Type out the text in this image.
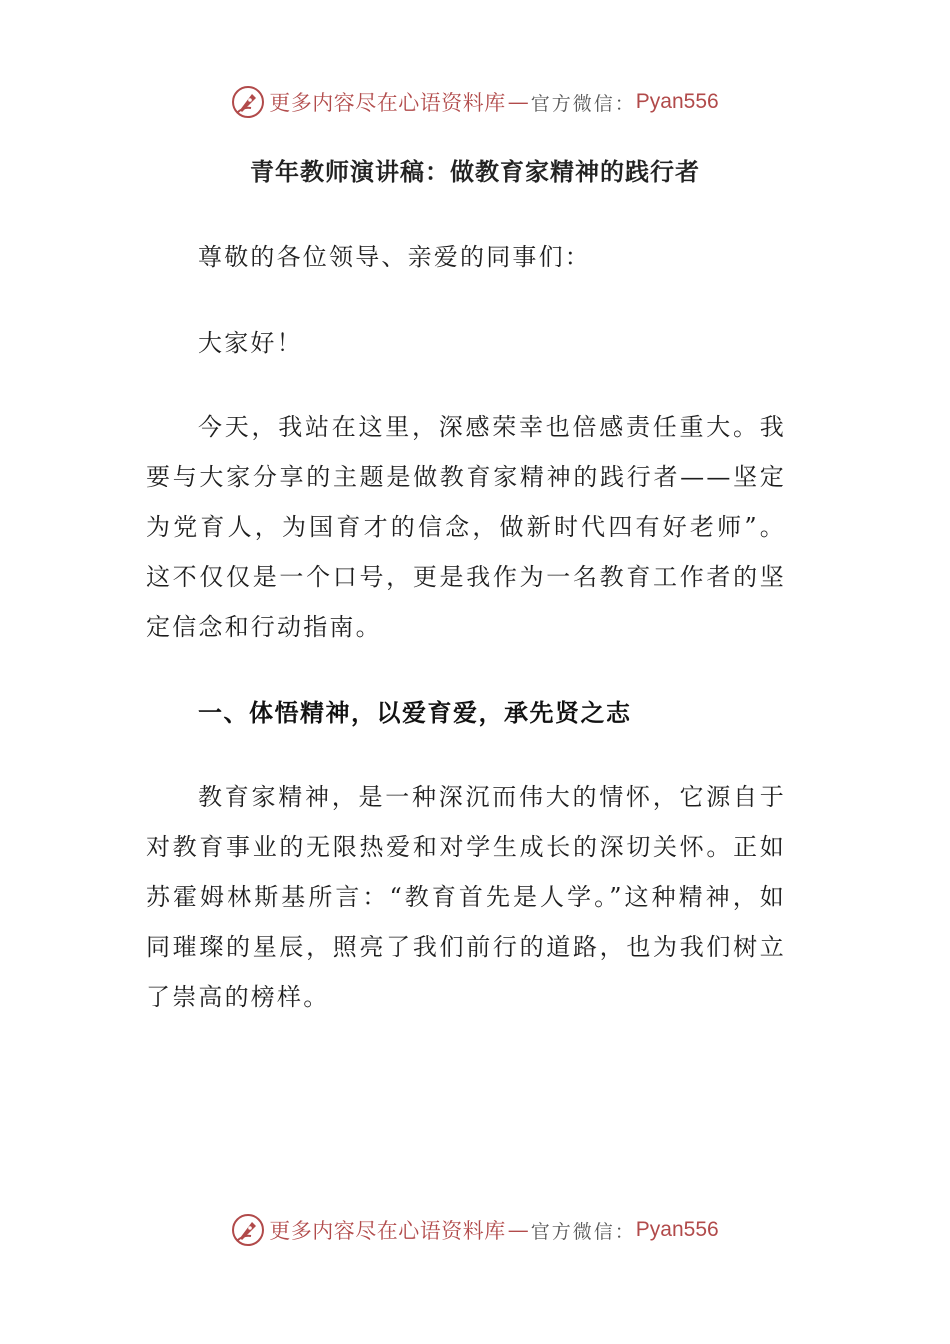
更多内容尽在心语资料库 — 官方微信： Pyan556
青年教师演讲稿：做教育家精神的践行者

尊敬的各位领导、亲爱的同事们：

大家好！

今天，我站在这里，深感荣幸也倍感责任重大。我要与大家分享的主题是做教育家精神的践行者——坚定为党育人，为国育才的信念，做新时代四有好老师”。这不仅仅是一个口号，更是我作为一名教育工作者的坚定信念和行动指南。

一、体悟精神，以爱育爱，承先贤之志

教育家精神，是一种深沉而伟大的情怀，它源自于对教育事业的无限热爱和对学生成长的深切关怀。正如苏霍姆林斯基所言：“教育首先是人学。”这种精神，如同璀璨的星辰，照亮了我们前行的道路，也为我们树立了崇高的榜样。

更多内容尽在心语资料库 — 官方微信： Pyan556
